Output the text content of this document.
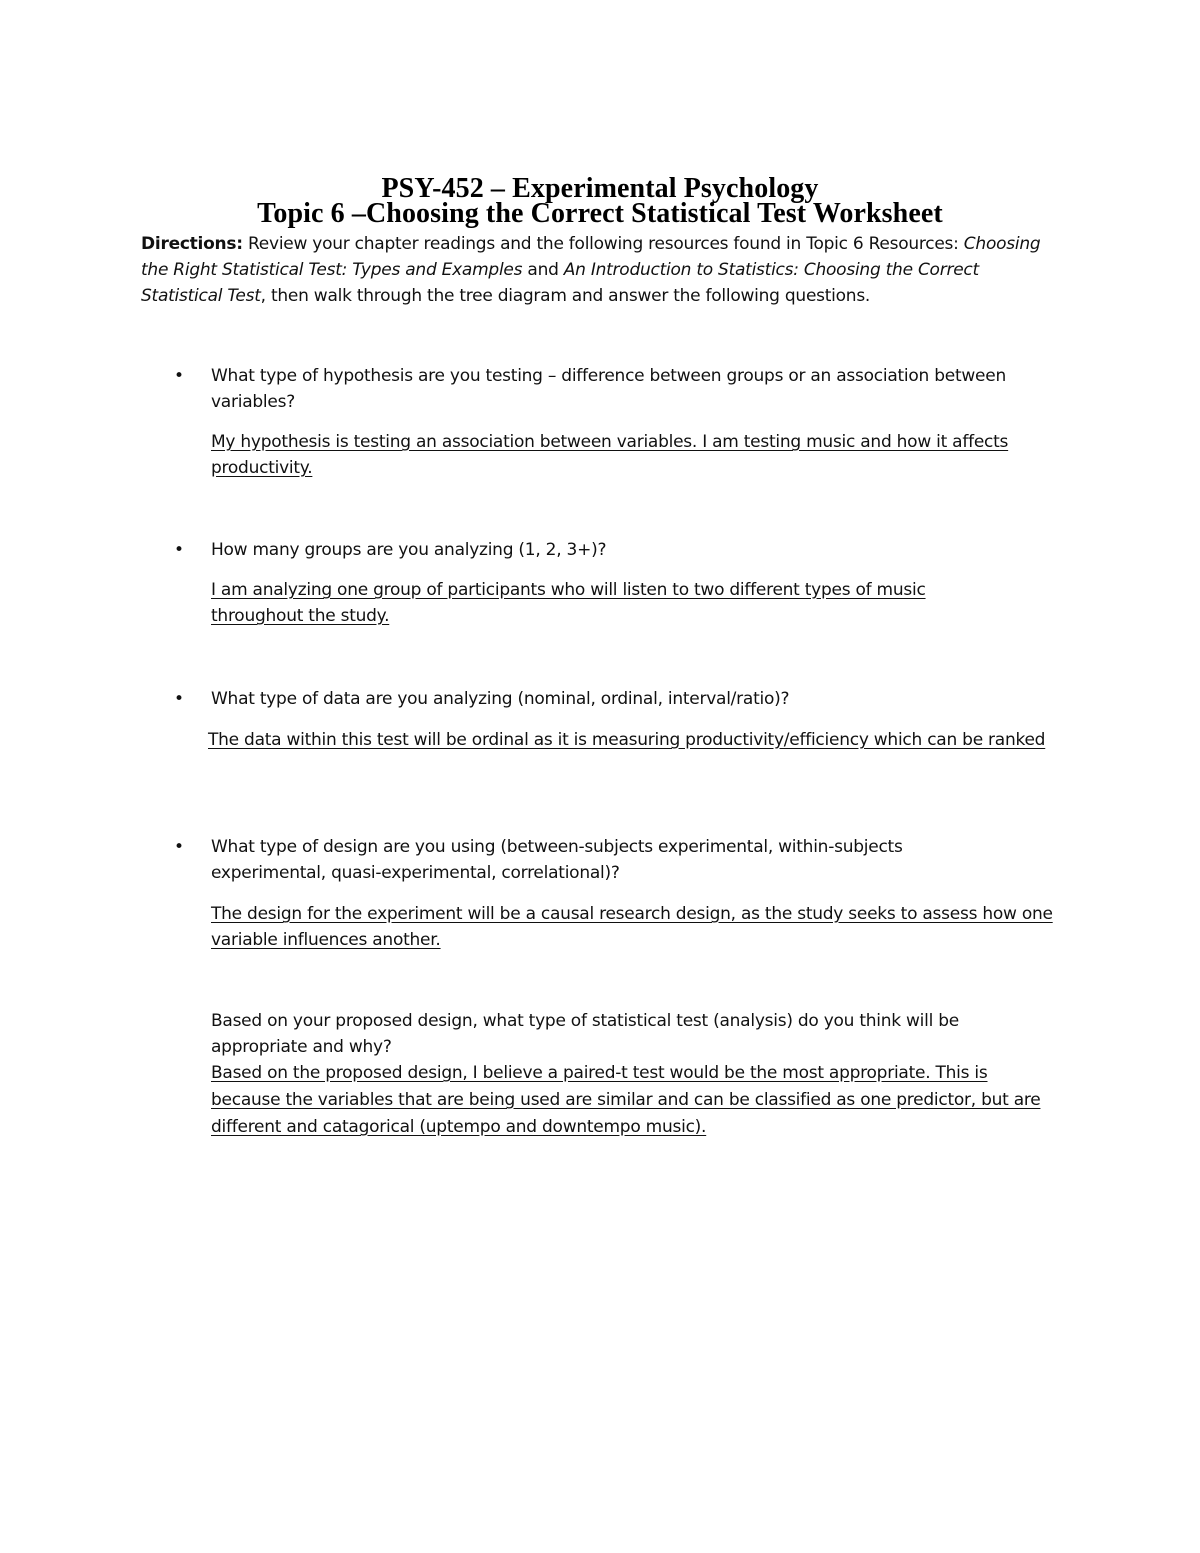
PSY-452 – Experimental Psychology
Topic 6 –Choosing the Correct Statistical Test Worksheet
Directions: Review your chapter readings and the following resources found in Topic 6 Resources: Choosing the Right Statistical Test: Types and Examples and An Introduction to Statistics: Choosing the Correct Statistical Test, then walk through the tree diagram and answer the following questions.
• What type of hypothesis are you testing – difference between groups or an association between variables?
My hypothesis is testing an association between variables. I am testing music and how it affects productivity.
• How many groups are you analyzing (1, 2, 3+)?
I am analyzing one group of participants who will listen to two different types of music throughout the study.
• What type of data are you analyzing (nominal, ordinal, interval/ratio)?
The data within this test will be ordinal as it is measuring productivity/efficiency which can be ranked
• What type of design are you using (between-subjects experimental, within-subjects experimental, quasi-experimental, correlational)?
The design for the experiment will be a causal research design, as the study seeks to assess how one variable influences another.
Based on your proposed design, what type of statistical test (analysis) do you think will be appropriate and why?
Based on the proposed design, I believe a paired-t test would be the most appropriate. This is because the variables that are being used are similar and can be classified as one predictor, but are different and catagorical (uptempo and downtempo music).
